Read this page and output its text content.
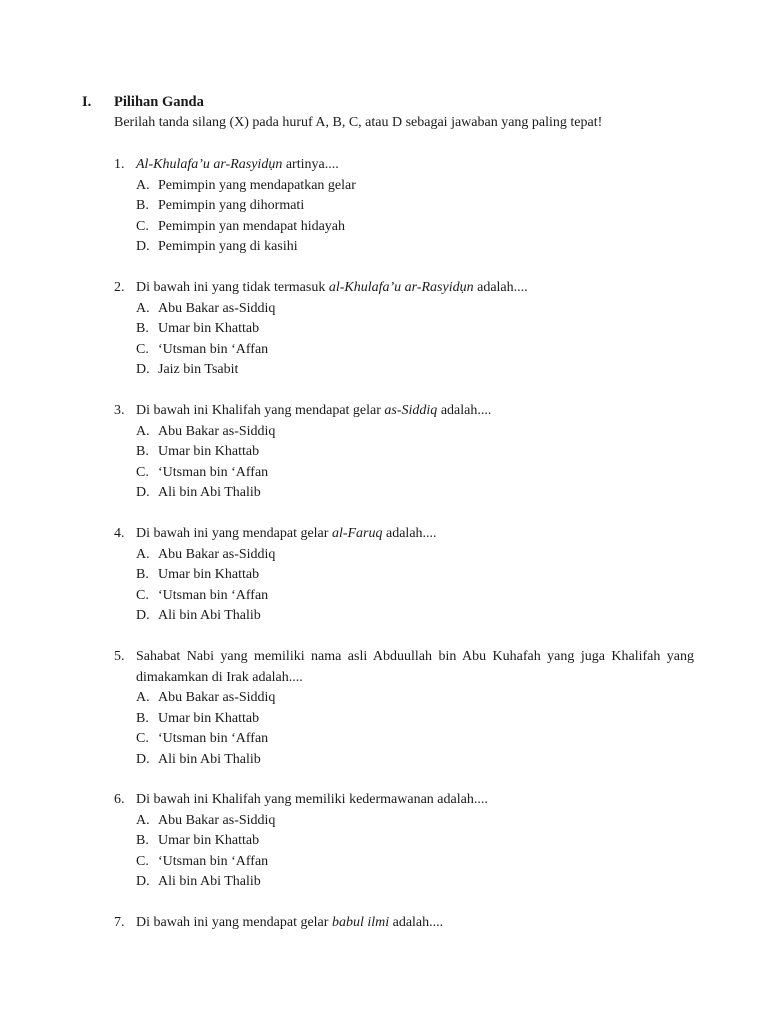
I. Pilihan Ganda
Berilah tanda silang (X) pada huruf A, B, C, atau D sebagai jawaban yang paling tepat!
1. Al-Khulafa’u ar-Rasyidụn artinya....
A. Pemimpin yang mendapatkan gelar
B. Pemimpin yang dihormati
C. Pemimpin yan mendapat hidayah
D. Pemimpin yang di kasihi
2. Di bawah ini yang tidak termasuk al-Khulafa’u ar-Rasyidụn adalah....
A. Abu Bakar as-Siddiq
B. Umar bin Khattab
C. ‘Utsman bin ‘Affan
D. Jaiz bin Tsabit
3. Di bawah ini Khalifah yang mendapat gelar as-Siddiq adalah....
A. Abu Bakar as-Siddiq
B. Umar bin Khattab
C. ‘Utsman bin ‘Affan
D. Ali bin Abi Thalib
4. Di bawah ini yang mendapat gelar al-Faruq adalah....
A. Abu Bakar as-Siddiq
B. Umar bin Khattab
C. ‘Utsman bin ‘Affan
D. Ali bin Abi Thalib
5. Sahabat Nabi yang memiliki nama asli Abduullah bin Abu Kuhafah yang juga Khalifah yang dimakamkan di Irak adalah....
A. Abu Bakar as-Siddiq
B. Umar bin Khattab
C. ‘Utsman bin ‘Affan
D. Ali bin Abi Thalib
6. Di bawah ini Khalifah yang memiliki kedermawanan adalah....
A. Abu Bakar as-Siddiq
B. Umar bin Khattab
C. ‘Utsman bin ‘Affan
D. Ali bin Abi Thalib
7. Di bawah ini yang mendapat gelar babul ilmi adalah....
